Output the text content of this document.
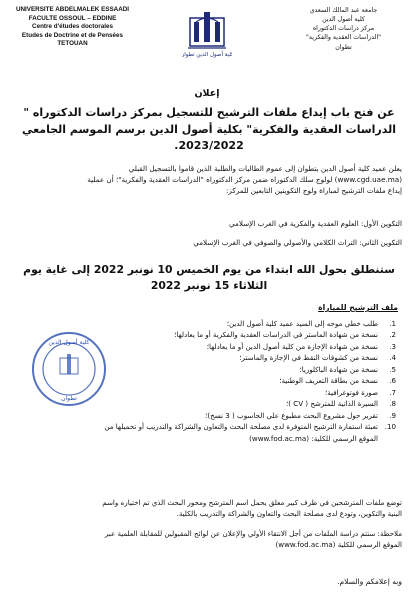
UNIVERSITE ABDELMALEK ESSAADI
FACULTE OSSOUL – EDDINE
Centre d'études doctorales
Etudes de Doctrine et de Pensées
TETOUAN
كلية أصول الدين تطوان
جامعة عبد المالك السعدي
كلية أصول الدين
مركز دراسات الدكتوراه
"الدراسات العقدية والفكرية"
تطوان
إعلان
عن فتح باب إيداع ملفات الترشيح للتسجيل بمركز دراسات الدكتوراه "
الدراسات العقدية والفكرية" بكلية أصول الدين برسم الموسم الجامعي
2023/2022.
يعلن عميد كلية أصول الدين بتطوان إلى عموم الطالبات والطلبة الذين قاموا بالتسجيل القبلي
(www.cgd.uae.ma) لولوج سلك الدكتوراه ضمن مركز الدكتوراه "الدراسات العقدية والفكرية"؛ أن عملية
إيداع ملفات الترشيح لمباراة ولوج التكوينين التابعين للمركز:
التكوين الأول: العلوم العقدية والفكرية في الغرب الإسلامي
التكوين الثاني: التراث الكلامي والأصولي والصوفي في الغرب الإسلامي
ستنطلق بحول الله ابتداء من يوم الخميس 10 نونبر 2022 إلى غاية يوم
الثلاثاء 15 نونبر 2022
ملف الترشيح للمباراة
1.
طلب خطي موجه إلى السيد عميد كلية أصول الدين؛
2.
نسخة من شهادة الماستر في الدراسات العقدية والفكرية أو ما يعادلها؛
3.
نسخة من شهادة الإجازة من كلية أصول الدين أو ما يعادلها؛
4.
نسخة من كشوفات النقط في الإجازة والماستر؛
5.
نسخة من شهادة الباكلوريا؛
6.
نسخة من بطاقة التعريف الوطنية؛
7.
صورة فوتوغرافية؛
8.
السيرة الذاتية للمترشح ( CV )؛
9.
تقرير حول مشروع البحث مطبوع على الحاسوب ( 3 نسخ)؛
10.
تعبئة استمارة الترشيح المتوفرة لدى مصلحة البحث والتعاون والشراكة والتدريب أو تحميلها من
الموقع الرسمي للكلية: (www.fod.ac.ma)
كلية أصول الدين
تطوان
توضع ملفات المترشحين في ظرف كبير مغلق يحمل اسم المترشح ومحور البحث الذي تم اختياره واسم
البنية والتكوين، وتودع لدى مصلحة البحث والتعاون والشراكة والتدريب بالكلية.
ملاحظة: ستتم دراسة الملفات من أجل الانتقاء الأولي والإعلان عن لوائح المقبولين للمقابلة العلمية عبر
الموقع الرسمي للكلية (www.fod.ac.ma)
وبه إعلامكم والسلام.
